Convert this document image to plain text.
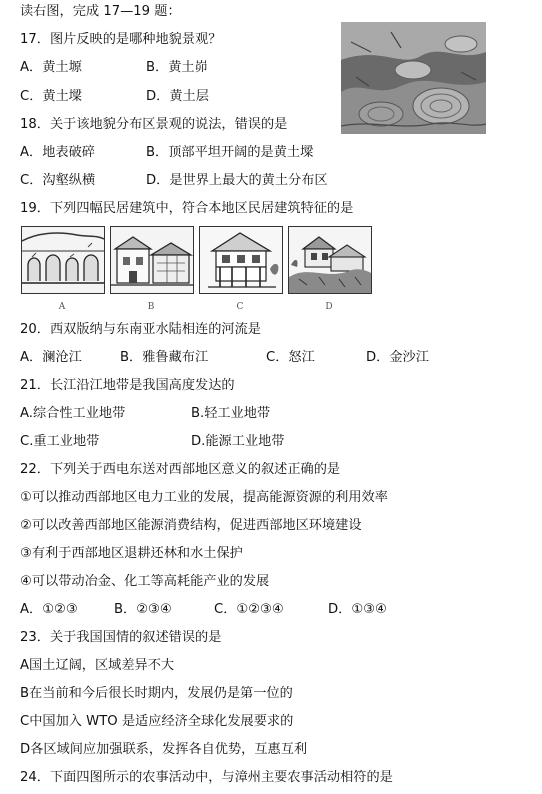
读右图，完成 17—19 题：
17．图片反映的是哪种地貌景观？
A．黄土塬	B．黄土峁
C．黄土墚	D．黄土层
18．关于该地貌分布区景观的说法，错误的是
A．地表破碎	B．顶部平坦开阔的是黄土墚
C．沟壑纵横	D．是世界上最大的黄土分布区
19．下列四幅民居建筑中，符合本地区民居建筑特征的是
A	B	C	D
20．西双版纳与东南亚水陆相连的河流是
A．澜沧江	B．雅鲁藏布江	C．怒江	D．金沙江
21．长江沿江地带是我国高度发达的
A.综合性工业地带	B.轻工业地带
C.重工业地带	D.能源工业地带
22．下列关于西电东送对西部地区意义的叙述正确的是
①可以推动西部地区电力工业的发展，提高能源资源的利用效率
②可以改善西部地区能源消费结构，促进西部地区环境建设
③有利于西部地区退耕还林和水土保护
④可以带动冶金、化工等高耗能产业的发展
A．①②③	B．②③④	C．①②③④	D．①③④
23．关于我国国情的叙述错误的是
A国土辽阔，区域差异不大
B在当前和今后很长时期内，发展仍是第一位的
C中国加入 WTO 是适应经济全球化发展要求的
D各区域间应加强联系，发挥各自优势，互惠互利
24．下面四图所示的农事活动中，与漳州主要农事活动相符的是
